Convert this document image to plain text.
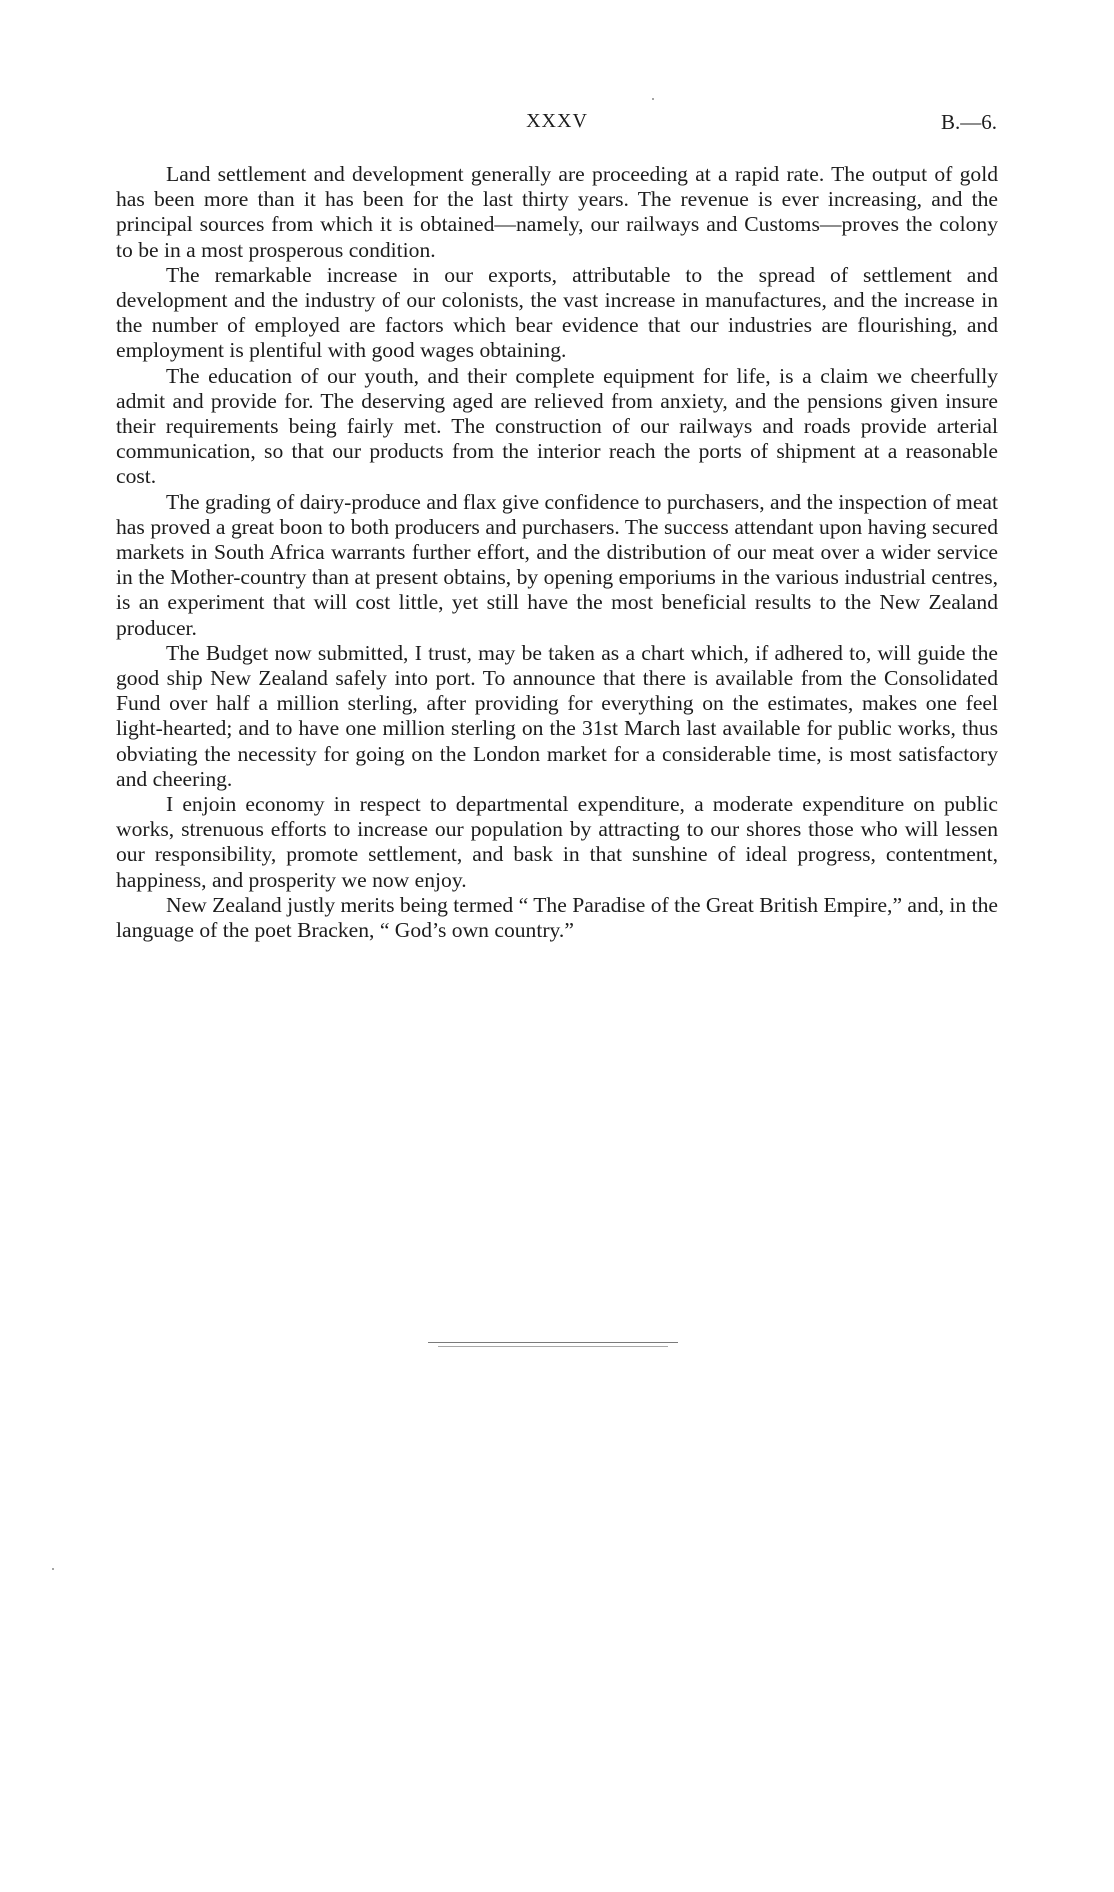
XXXV	B.—6.

Land settlement and development generally are proceeding at a rapid rate. The output of gold has been more than it has been for the last thirty years. The revenue is ever increasing, and the principal sources from which it is obtained—namely, our railways and Customs—proves the colony to be in a most prosperous condition.

The remarkable increase in our exports, attributable to the spread of settlement and development and the industry of our colonists, the vast increase in manufactures, and the increase in the number of employed are factors which bear evidence that our industries are flourishing, and employment is plentiful with good wages obtaining.

The education of our youth, and their complete equipment for life, is a claim we cheerfully admit and provide for. The deserving aged are relieved from anxiety, and the pensions given insure their requirements being fairly met. The construction of our railways and roads provide arterial communication, so that our products from the interior reach the ports of shipment at a reasonable cost.

The grading of dairy-produce and flax give confidence to purchasers, and the inspection of meat has proved a great boon to both producers and purchasers. The success attendant upon having secured markets in South Africa warrants further effort, and the distribution of our meat over a wider service in the Mother-country than at present obtains, by opening emporiums in the various industrial centres, is an experiment that will cost little, yet still have the most beneficial results to the New Zealand producer.

The Budget now submitted, I trust, may be taken as a chart which, if adhered to, will guide the good ship New Zealand safely into port. To announce that there is available from the Consolidated Fund over half a million sterling, after providing for everything on the estimates, makes one feel light-hearted; and to have one million sterling on the 31st March last available for public works, thus obviating the necessity for going on the London market for a considerable time, is most satisfactory and cheering.

I enjoin economy in respect to departmental expenditure, a moderate expenditure on public works, strenuous efforts to increase our population by attracting to our shores those who will lessen our responsibility, promote settlement, and bask in that sunshine of ideal progress, contentment, happiness, and prosperity we now enjoy.

New Zealand justly merits being termed “ The Paradise of the Great British Empire,” and, in the language of the poet Bracken, “ God’s own country.”
